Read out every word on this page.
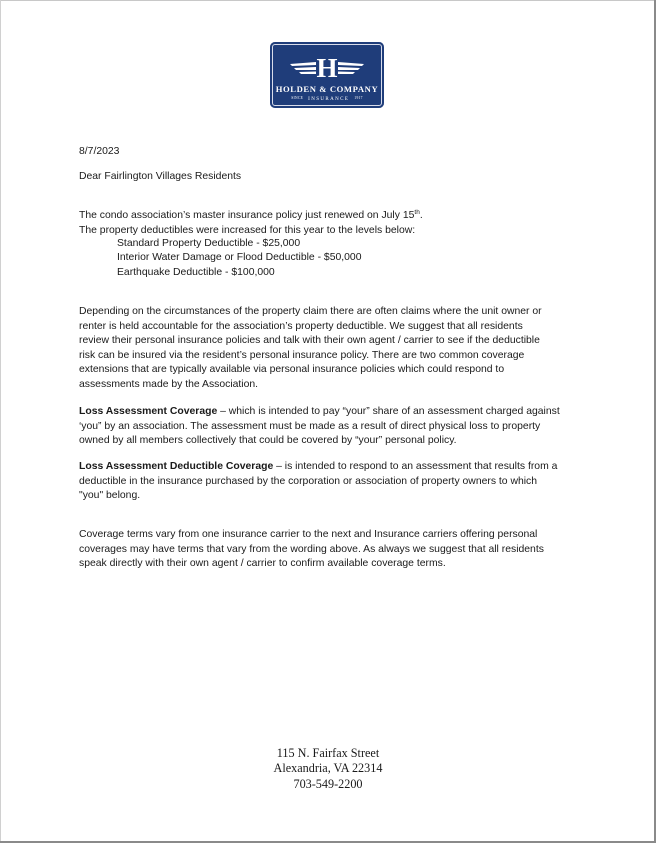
H
HOLDEN & COMPANY
$^{SINCE}$ INSURANCE $^{1917}$
8/7/2023
Dear Fairlington Villages Residents
The condo association’s master insurance policy just renewed on July 15th.
The property deductibles were increased for this year to the levels below:
Standard Property Deductible - $25,000
Interior Water Damage or Flood Deductible - $50,000
Earthquake Deductible - $100,000
Depending on the circumstances of the property claim there are often claims where the unit owner or
renter is held accountable for the association’s property deductible. We suggest that all residents
review their personal insurance policies and talk with their own agent / carrier to see if the deductible
risk can be insured via the resident’s personal insurance policy. There are two common coverage
extensions that are typically available via personal insurance policies which could respond to
assessments made by the Association.
Loss Assessment Coverage – which is intended to pay “your” share of an assessment charged against
‘you” by an association. The assessment must be made as a result of direct physical loss to property
owned by all members collectively that could be covered by “your” personal policy.
Loss Assessment Deductible Coverage – is intended to respond to an assessment that results from a
deductible in the insurance purchased by the corporation or association of property owners to which
"you" belong.
Coverage terms vary from one insurance carrier to the next and Insurance carriers offering personal
coverages may have terms that vary from the wording above. As always we suggest that all residents
speak directly with their own agent / carrier to confirm available coverage terms.
115 N. Fairfax Street
Alexandria, VA 22314
703-549-2200
